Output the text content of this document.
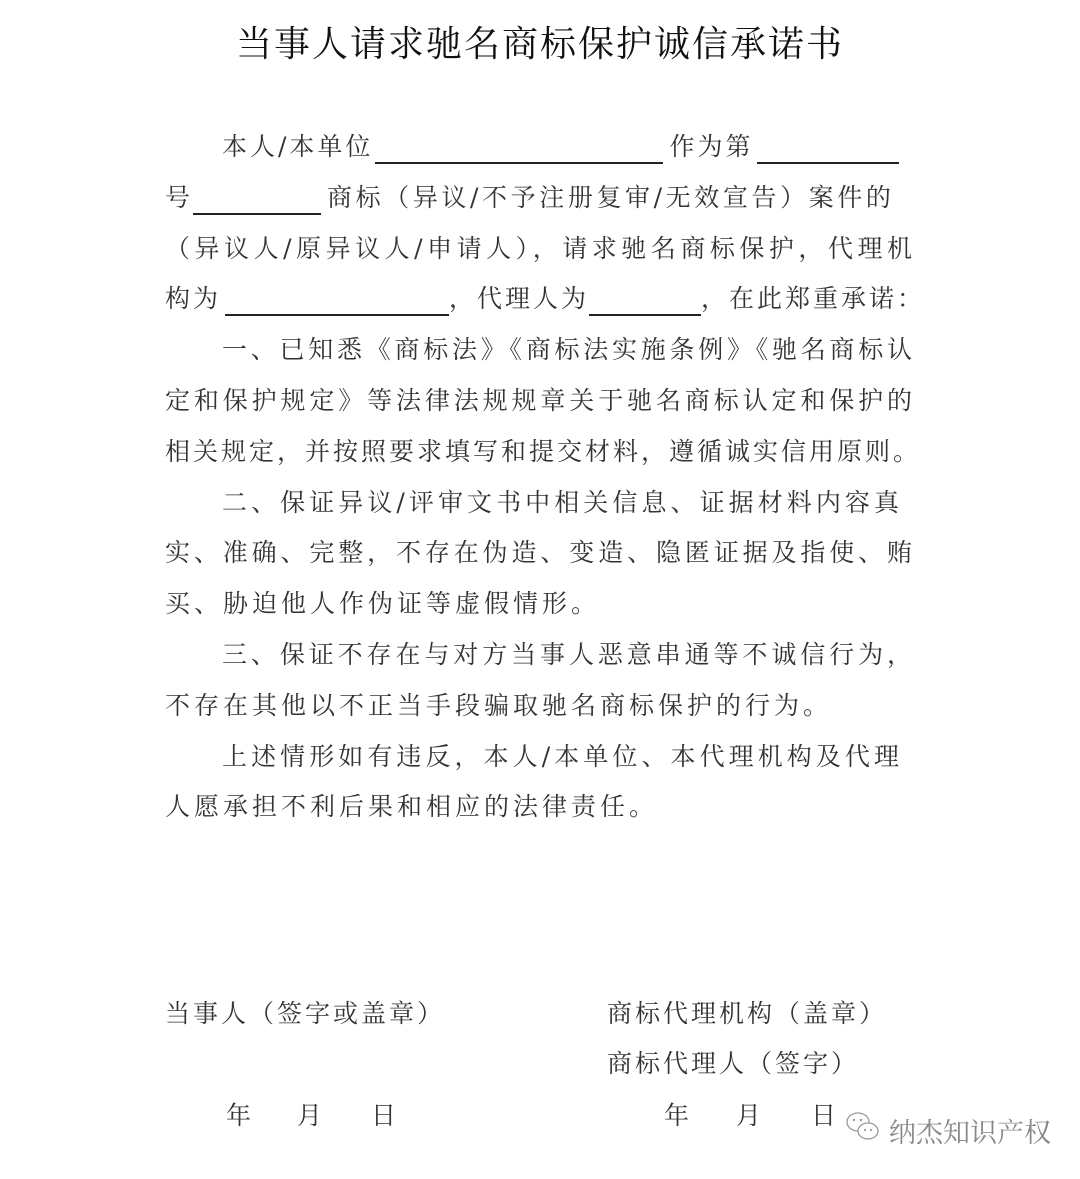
当事人请求驰名商标保护诚信承诺书
本人/本单位	作为第
号	商标（异议/不予注册复审/无效宣告）案件的
（异议人/原异议人/申请人），请求驰名商标保护，代理机
构为	，代理人为	，在此郑重承诺：
一、已知悉《商标法》《商标法实施条例》《驰名商标认
定和保护规定》等法律法规规章关于驰名商标认定和保护的
相关规定，并按照要求填写和提交材料，遵循诚实信用原则。
二、保证异议/评审文书中相关信息、证据材料内容真
实、准确、完整，不存在伪造、变造、隐匿证据及指使、贿
买、胁迫他人作伪证等虚假情形。
三、保证不存在与对方当事人恶意串通等不诚信行为，
不存在其他以不正当手段骗取驰名商标保护的行为。
上述情形如有违反，本人/本单位、本代理机构及代理
人愿承担不利后果和相应的法律责任。
当事人（签字或盖章）	商标代理机构（盖章）
商标代理人（签字）
年 月 日	年 月 日
纳杰知识产权
